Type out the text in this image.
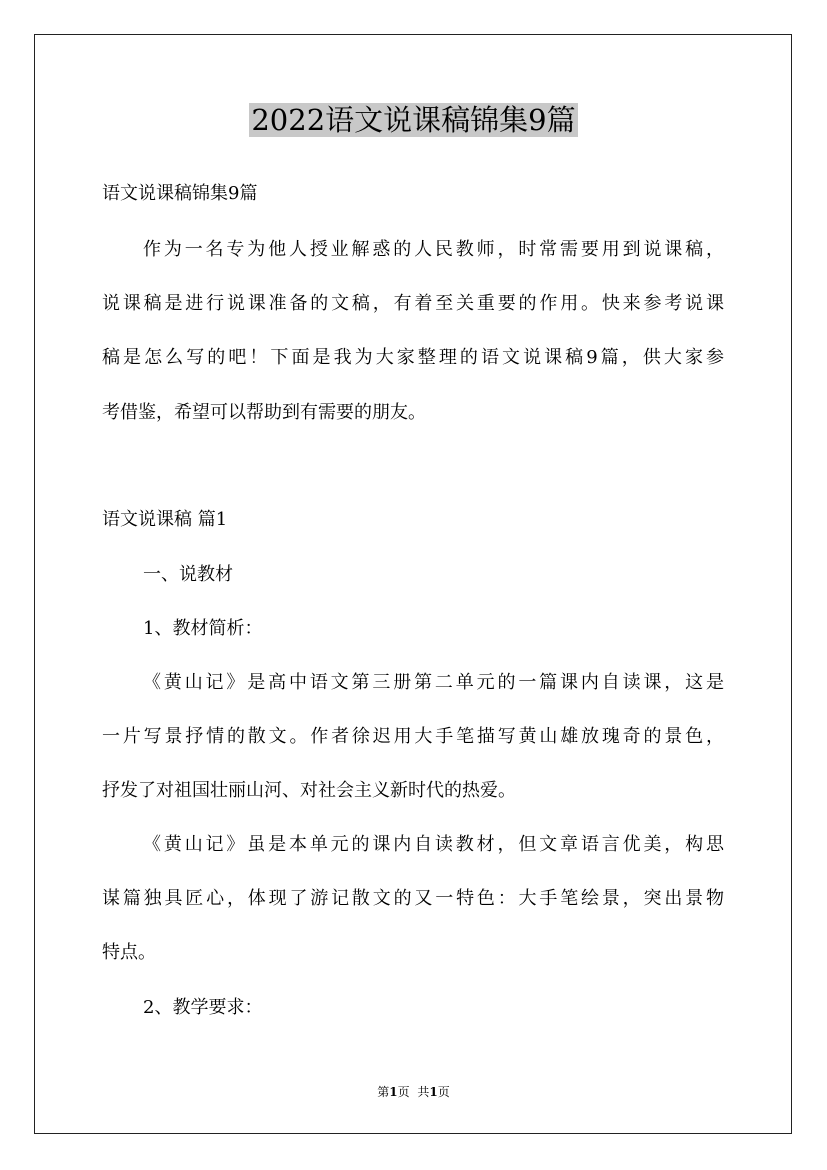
2022语文说课稿锦集9篇
语文说课稿锦集9篇
作为一名专为他人授业解惑的人民教师，时常需要用到说课稿，
说课稿是进行说课准备的文稿，有着至关重要的作用。快来参考说课
稿是怎么写的吧！下面是我为大家整理的语文说课稿9篇，供大家参
考借鉴，希望可以帮助到有需要的朋友。
语文说课稿 篇1
一、说教材
1、教材简析：
《黄山记》是高中语文第三册第二单元的一篇课内自读课，这是
一片写景抒情的散文。作者徐迟用大手笔描写黄山雄放瑰奇的景色，
抒发了对祖国壮丽山河、对社会主义新时代的热爱。
《黄山记》虽是本单元的课内自读教材，但文章语言优美，构思
谋篇独具匠心，体现了游记散文的又一特色：大手笔绘景，突出景物
特点。
2、教学要求：
第1页 共1页
